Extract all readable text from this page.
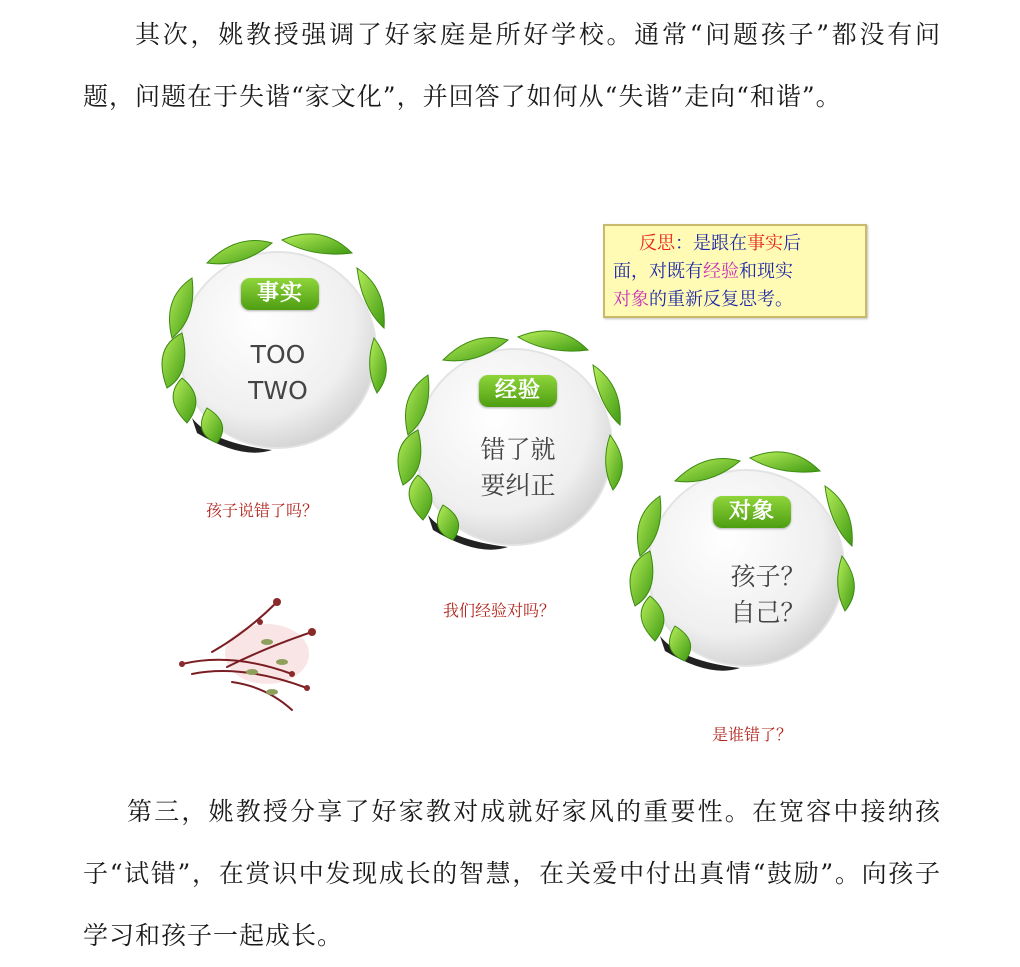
其次，姚教授强调了好家庭是所好学校。通常“问题孩子”都没有问题，问题在于失谐“家文化”，并回答了如何从“失谐”走向“和谐”。

事实
TOO
TWO
孩子说错了吗？
经验
错了就
要纠正
我们经验对吗？
对象
孩子？
自己？
是谁错了？
反思：是跟在事实后
面，对既有经验和现实
对象的重新反复思考。

第三，姚教授分享了好家教对成就好家风的重要性。在宽容中接纳孩子“试错”，在赏识中发现成长的智慧，在关爱中付出真情“鼓励”。向孩子学习和孩子一起成长。
